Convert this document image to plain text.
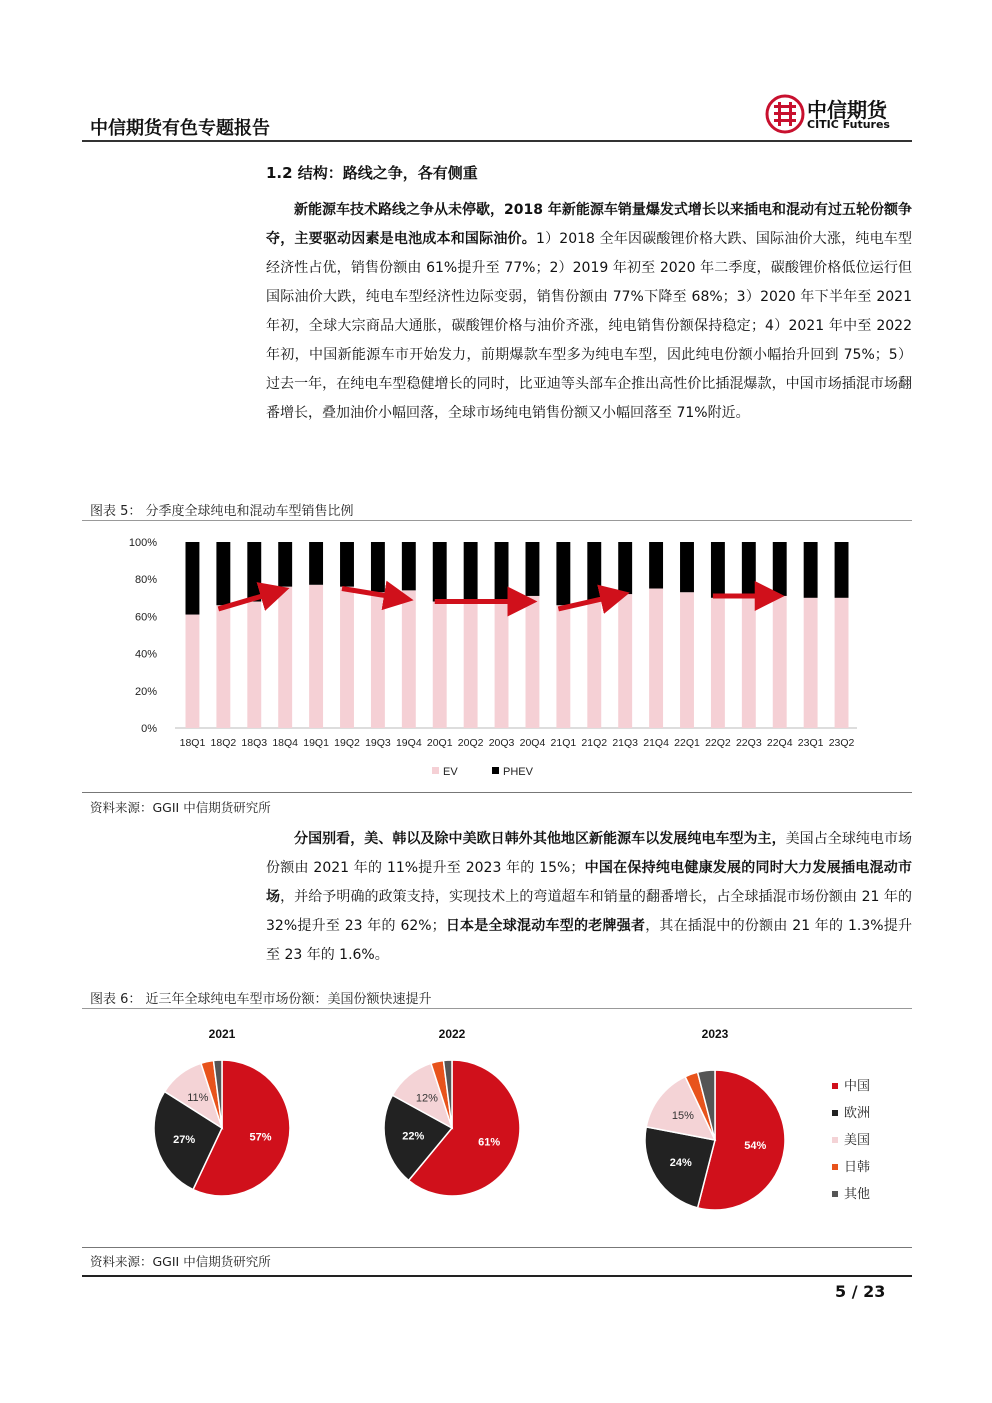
中信期货
CITIC Futures
中信期货有色专题报告
1.2 结构：路线之争，各有侧重
新能源车技术路线之争从未停歇，2018 年新能源车销量爆发式增长以来插电和混动有过五轮份额争夺，主要驱动因素是电池成本和国际油价。1）2018 全年因碳酸锂价格大跌、国际油价大涨，纯电车型经济性占优，销售份额由 61%提升至 77%；2）2019 年初至 2020 年二季度，碳酸锂价格低位运行但国际油价大跌，纯电车型经济性边际变弱，销售份额由 77%下降至 68%；3）2020 年下半年至 2021 年初，全球大宗商品大通胀，碳酸锂价格与油价齐涨，纯电销售份额保持稳定；4）2021 年中至 2022 年初，中国新能源车市开始发力，前期爆款车型多为纯电车型，因此纯电份额小幅抬升回到 75%；5）过去一年，在纯电车型稳健增长的同时，比亚迪等头部车企推出高性价比插混爆款，中国市场插混市场翻番增长，叠加油价小幅回落，全球市场纯电销售份额又小幅回落至 71%附近。
图表 5： 分季度全球纯电和混动车型销售比例
0%
20%
40%
60%
80%
100%
18Q1 18Q2 18Q3 18Q4 19Q1 19Q2 19Q3 19Q4 20Q1 20Q2 20Q3 20Q4 21Q1 21Q2 21Q3 21Q4 22Q1 22Q2 22Q3 22Q4 23Q1 23Q2
EV	PHEV
资料来源：GGII 中信期货研究所
分国别看，美、韩以及除中美欧日韩外其他地区新能源车以发展纯电车型为主，美国占全球纯电市场份额由 2021 年的 11%提升至 2023 年的 15%；中国在保持纯电健康发展的同时大力发展插电混动市场，并给予明确的政策支持，实现技术上的弯道超车和销量的翻番增长，占全球插混市场份额由 21 年的 32%提升至 23 年的 62%；日本是全球混动车型的老牌强者，其在插混中的份额由 21 年的 1.3%提升至 23 年的 1.6%。
图表 6： 近三年全球纯电车型市场份额：美国份额快速提升
2021
57%
27%
11%
2022
61%
22%
12%
2023
54%
24%
15%
中国
欧洲
美国
日韩
其他
资料来源：GGII 中信期货研究所
5 / 23
